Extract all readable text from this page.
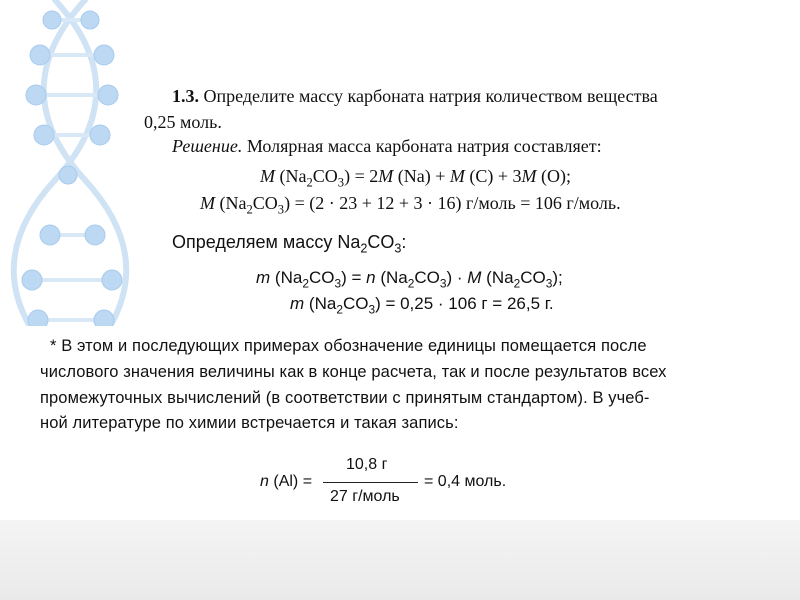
1.3. Определите массу карбоната натрия количеством вещества
0,25 моль.
Решение. Молярная масса карбоната натрия составляет:
M $(Na_2CO_3) = 2M$ (Na) + M (C) + 3M (O);
M $(Na_2CO_3) = (2 \cdot 23 + 12 + 3 \cdot 16)$ г/моль = 106 г/моль.
Определяем массу $Na_2CO_3$:
m $(Na_2CO_3) = n$ $(Na_2CO_3) \cdot M$ $(Na_2CO_3)$;
m $(Na_2CO_3) = 0,25 \cdot 106$ г = 26,5 г.
* В этом и последующих примерах обозначение единицы помещается после
числового значения величины как в конце расчета, так и после результатов всех
промежуточных вычислений (в соответствии с принятым стандартом). В учеб-
ной литературе по химии встречается и такая запись:
n (Al) =
10,8 г
27 г/моль
= 0,4 моль.
